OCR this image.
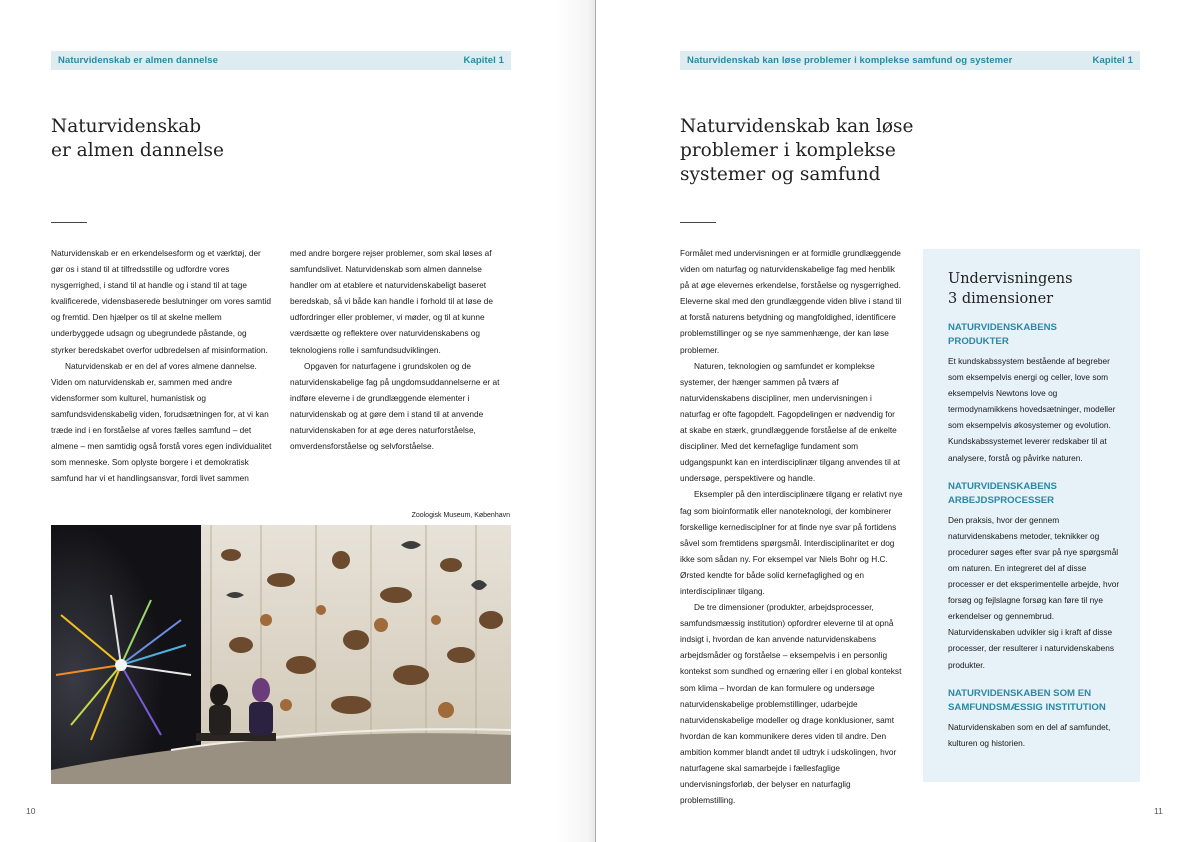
Naturvidenskab er almen dannelse	Kapitel 1
Naturvidenskab
er almen dannelse

Naturvidenskab er en erkendelsesform og et værktøj, der gør os i stand til at tilfredsstille og udfordre vores nysgerrighed, i stand til at handle og i stand til at tage kvalificerede, vidensbaserede beslutninger om vores samtid og fremtid. Den hjælper os til at skelne mellem underbyggede udsagn og ubegrundede påstande, og styrker beredskabet overfor udbredelsen af misinformation.

Naturvidenskab er en del af vores almene dannelse. Viden om naturvidenskab er, sammen med andre vidensformer som kulturel, humanistisk og samfundsvidenskabelig viden, forudsætningen for, at vi kan træde ind i en forståelse af vores fælles samfund – det almene – men samtidig også forstå vores egen individualitet som menneske. Som oplyste borgere i et demokratisk samfund har vi et handlingsansvar, fordi livet sammen

med andre borgere rejser problemer, som skal løses af samfundslivet. Naturvidenskab som almen dannelse handler om at etablere et naturvidenskabeligt baseret beredskab, så vi både kan handle i forhold til at løse de udfordringer eller problemer, vi møder, og til at kunne værdsætte og reflektere over naturvidenskabens og teknologiens rolle i samfundsudviklingen.

Opgaven for naturfagene i grundskolen og de naturvidenskabelige fag på ungdomsuddannelserne er at indføre eleverne i de grundlæggende elementer i naturvidenskab og at gøre dem i stand til at anvende naturvidenskaben for at øge deres naturforståelse, omverdensforståelse og selvforståelse.

Zoologisk Museum, København
10
Naturvidenskab kan løse problemer i komplekse samfund og systemer	Kapitel 1
Naturvidenskab kan løse
problemer i komplekse
systemer og samfund

Formålet med undervisningen er at formidle grundlæggende viden om naturfag og naturvidenskabelige fag med henblik på at øge elevernes erkendelse, forståelse og nysgerrighed. Eleverne skal med den grundlæggende viden blive i stand til at forstå naturens betydning og mangfoldighed, identificere problemstillinger og se nye sammenhænge, der kan løse problemer.

Naturen, teknologien og samfundet er komplekse systemer, der hænger sammen på tværs af naturvidenskabens discipliner, men undervisningen i naturfag er ofte fagopdelt. Fagopdelingen er nødvendig for at skabe en stærk, grundlæggende forståelse af de enkelte discipliner. Med det kernefaglige fundament som udgangspunkt kan en interdisciplinær tilgang anvendes til at undersøge, perspektivere og handle.

Eksempler på den interdisciplinære tilgang er relativt nye fag som bioinformatik eller nanoteknologi, der kombinerer forskellige kernedisciplner for at finde nye svar på fortidens såvel som fremtidens spørgsmål. Interdisciplinaritet er dog ikke som sådan ny. For eksempel var Niels Bohr og H.C. Ørsted kendte for både solid kernefaglighed og en interdisciplinær tilgang.

De tre dimensioner (produkter, arbejdsprocesser, samfundsmæssig institution) opfordrer eleverne til at opnå indsigt i, hvordan de kan anvende naturvidenskabens arbejdsmåder og forståelse – eksempelvis i en personlig kontekst som sundhed og ernæring eller i en global kontekst som klima – hvordan de kan formulere og undersøge naturvidenskabelige problemstillinger, udarbejde naturvidenskabelige modeller og drage konklusioner, samt hvordan de kan kommunikere deres viden til andre. Den ambition kommer blandt andet til udtryk i udskolingen, hvor naturfagene skal samarbejde i fællesfaglige undervisningsforløb, der belyser en naturfaglig problemstilling.

Undervisningens
3 dimensioner
NATURVIDENSKABENS
PRODUKTER

Et kundskabssystem bestående af begreber som eksempelvis energi og celler, love som eksempelvis Newtons love og termodynamikkens hovedsætninger, modeller som eksempelvis økosystemer og evolution. Kundskabssystemet leverer redskaber til at analysere, forstå og påvirke naturen.

NATURVIDENSKABENS
ARBEJDSPROCESSER

Den praksis, hvor der gennem naturvidenskabens metoder, teknikker og procedurer søges efter svar på nye spørgsmål om naturen. En integreret del af disse processer er det eksperimentelle arbejde, hvor forsøg og fejlslagne forsøg kan føre til nye erkendelser og gennembrud. Naturvidenskaben udvikler sig i kraft af disse processer, der resulterer i naturvidenskabens produkter.

NATURVIDENSKABEN SOM EN
SAMFUNDSMÆSSIG INSTITUTION

Naturvidenskaben som en del af samfundet, kulturen og historien.

11
